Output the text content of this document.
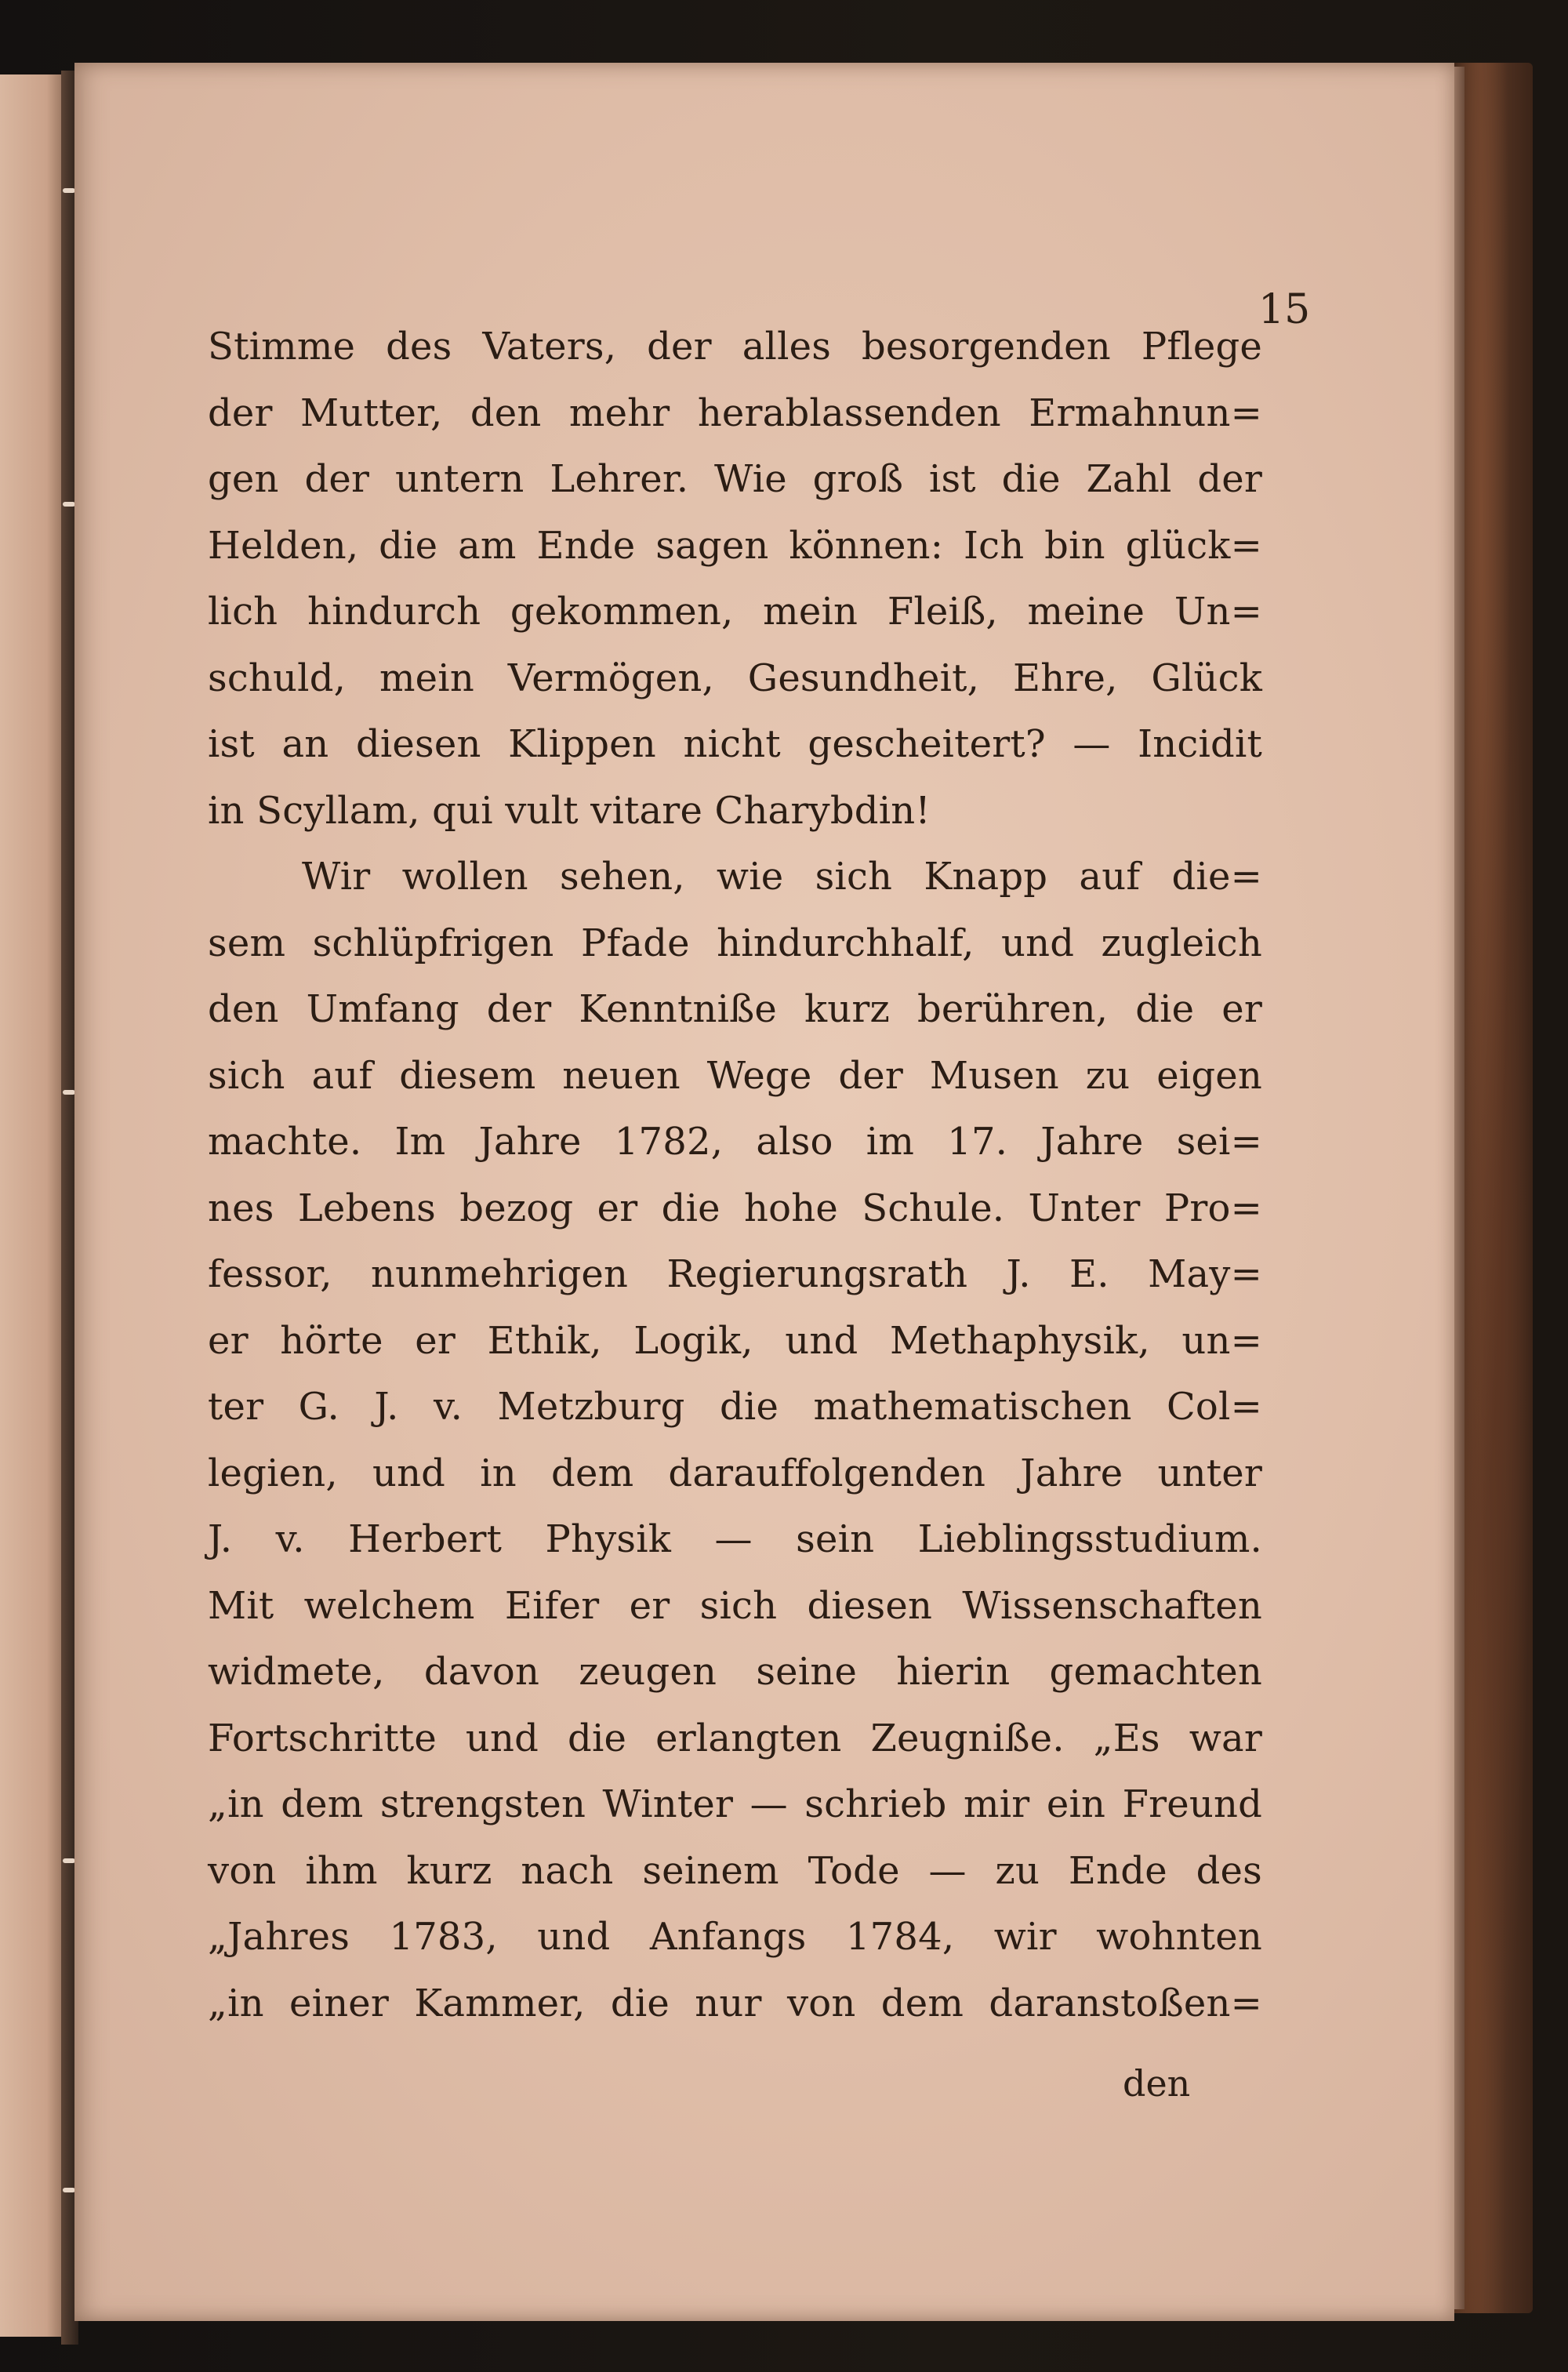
15
Stimme des Vaters, der alles besorgenden Pflege
der Mutter, den mehr herablassenden Ermahnun=
gen der untern Lehrer. Wie groß ist die Zahl der
Helden, die am Ende sagen können: Ich bin glück=
lich hindurch gekommen, mein Fleiß, meine Un=
schuld, mein Vermögen, Gesundheit, Ehre, Glück
ist an diesen Klippen nicht gescheitert? — Incidit
in Scyllam, qui vult vitare Charybdin!
Wir wollen sehen, wie sich Knapp auf die=
sem schlüpfrigen Pfade hindurchhalf, und zugleich
den Umfang der Kenntniße kurz berühren, die er
sich auf diesem neuen Wege der Musen zu eigen
machte. Im Jahre 1782, also im 17. Jahre sei=
nes Lebens bezog er die hohe Schule. Unter Pro=
fessor, nunmehrigen Regierungsrath J. E. May=
er hörte er Ethik, Logik, und Methaphysik, un=
ter G. J. v. Metzburg die mathematischen Col=
legien, und in dem darauffolgenden Jahre unter
J. v. Herbert Physik — sein Lieblingsstudium.
Mit welchem Eifer er sich diesen Wissenschaften
widmete, davon zeugen seine hierin gemachten
Fortschritte und die erlangten Zeugniße. „Es war
„in dem strengsten Winter — schrieb mir ein Freund
von ihm kurz nach seinem Tode — zu Ende des
„Jahres 1783, und Anfangs 1784, wir wohnten
„in einer Kammer, die nur von dem daranstoßen=
den
